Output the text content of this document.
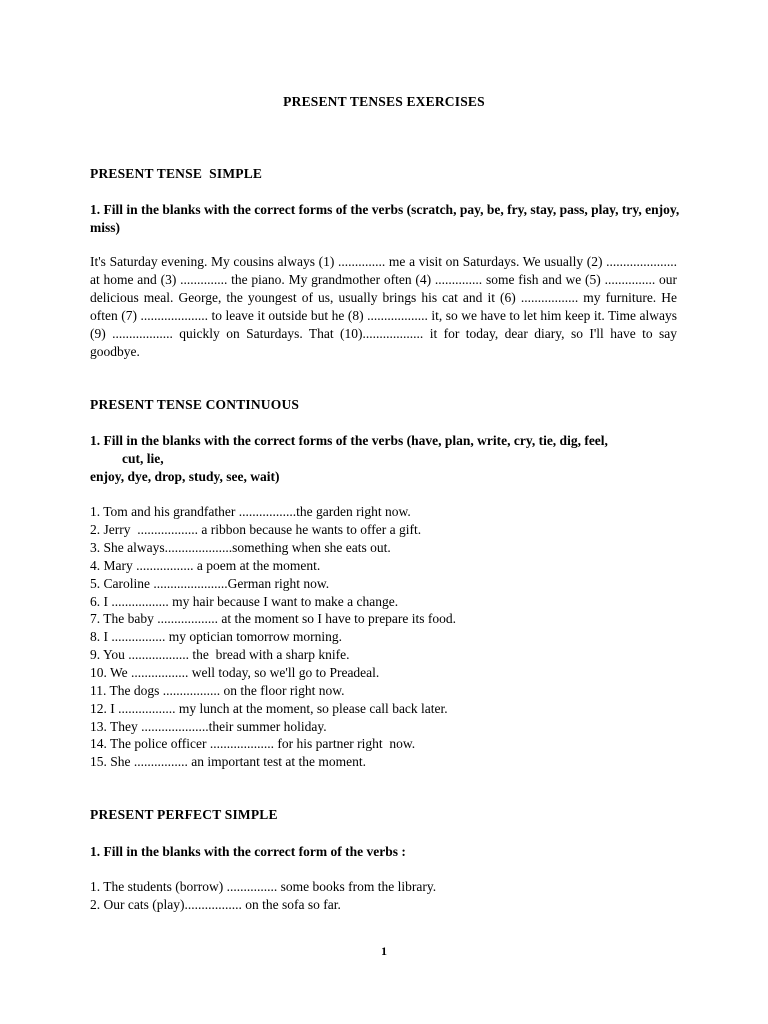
PRESENT TENSES EXERCISES
PRESENT TENSE  SIMPLE
1. Fill in the blanks with the correct forms of the verbs (scratch, pay, be, fry, stay, pass, play, try, enjoy, miss)
It's Saturday evening. My cousins always (1) .............. me a visit on Saturdays. We usually (2) ..................... at home and (3) .............. the piano. My grandmother often (4) .............. some fish and we (5) ............... our delicious meal. George, the youngest of us, usually brings his cat and it (6) ................. my furniture. He often (7) .................... to leave it outside but he (8) .................. it, so we have to let him keep it. Time always (9) .................. quickly on Saturdays. That (10).................. it for today, dear diary, so I'll have to say goodbye.
PRESENT TENSE CONTINUOUS
1. Fill in the blanks with the correct forms of the verbs (have, plan, write, cry, tie, dig, feel,
cut, lie,
enjoy, dye, drop, study, see, wait)
1. Tom and his grandfather .................the garden right now.
2. Jerry  .................. a ribbon because he wants to offer a gift.
3. She always....................something when she eats out.
4. Mary ................. a poem at the moment.
5. Caroline ......................German right now.
6. I ................. my hair because I want to make a change.
7. The baby .................. at the moment so I have to prepare its food.
8. I ................ my optician tomorrow morning.
9. You .................. the  bread with a sharp knife.
10. We ................. well today, so we'll go to Preadeal.
11. The dogs ................. on the floor right now.
12. I ................. my lunch at the moment, so please call back later.
13. They ....................their summer holiday.
14. The police officer ................... for his partner right  now.
15. She ................ an important test at the moment.
PRESENT PERFECT SIMPLE
1. Fill in the blanks with the correct form of the verbs :
1. The students (borrow) ............... some books from the library.
2. Our cats (play)................. on the sofa so far.
1
